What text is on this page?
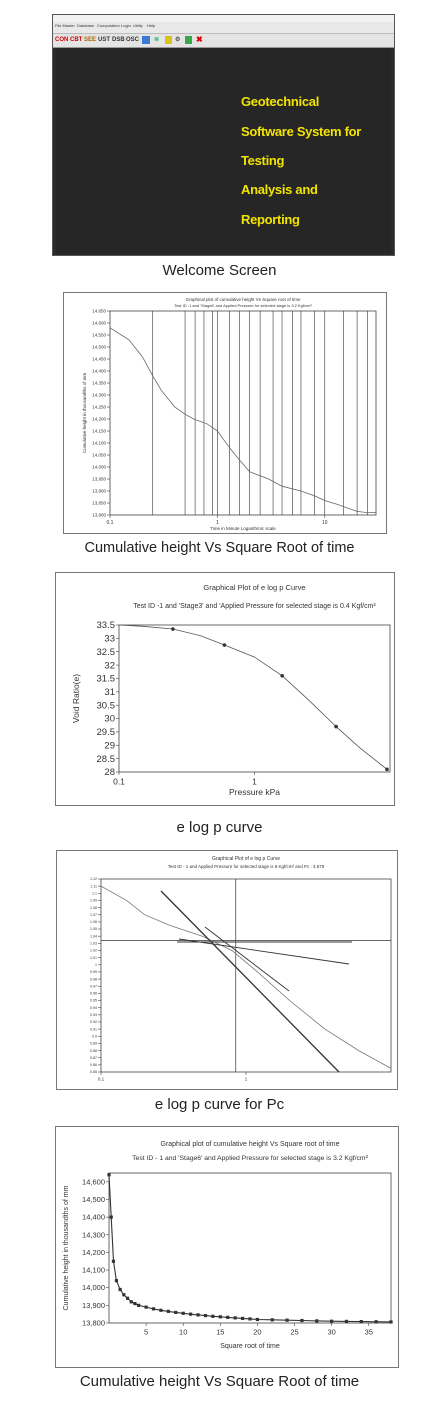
File Master Database Computation Login Utility Help
CON CBT SEE UST DSB OSC ≋	⚙ ✖
Geotechnical
Software System for
Testing
Analysis and
Reporting
Welcome Screen
Graphical plot of cumulative height Vs Square root of time
Test ID -1 and 'Stage6' and Applied Pressure for selected stage is 3.2 Kgf/cm²
13,800
13,850
13,900
13,950
14,000
14,050
14,100
14,150
14,200
14,250
14,300
14,350
14,400
14,450
14,500
14,550
14,600
14,650
0.1	1	10
Time in Minute Logarithmic scale
Cumulative height in thousandths of mm
Cumulative height Vs Square Root of time
Graphical Plot of e log p Curve
Test ID -1 and 'Stage3' and 'Applied Pressure for selected stage is 0.4 Kgf/cm²
28
28.5
29
29.5
30
30.5
31
31.5
32
32.5
33
33.5
0.1	1
Pressure kPa
Void Ratio(e)
e log p curve
Graphical Plot of e log p Curve
Test ID - 1 and Applied Pressure for selected stage is 8 Kgf/cm² and Pc : 3.679
0.85
0.86
0.87
0.88
0.89
0.9
0.91
0.92
0.93
0.94
0.95
0.96
0.97
0.98
0.99
1
1.01
1.02
1.03
1.04
1.05
1.06
1.07
1.08
1.09
1.1
1.11
1.12
0.1	1
e log p curve for Pc
Graphical plot of cumulative height Vs Square root of time
Test ID - 1 and 'Stage6' and Applied Pressure for selected stage is 3.2 Kgf/cm²
13,800
13,900
14,000
14,100
14,200
14,300
14,400
14,500
14,600
5	10	15	20	25	30	35
Square root of time
Cumulative height in thousandths of mm
Cumulative height Vs Square Root of time
